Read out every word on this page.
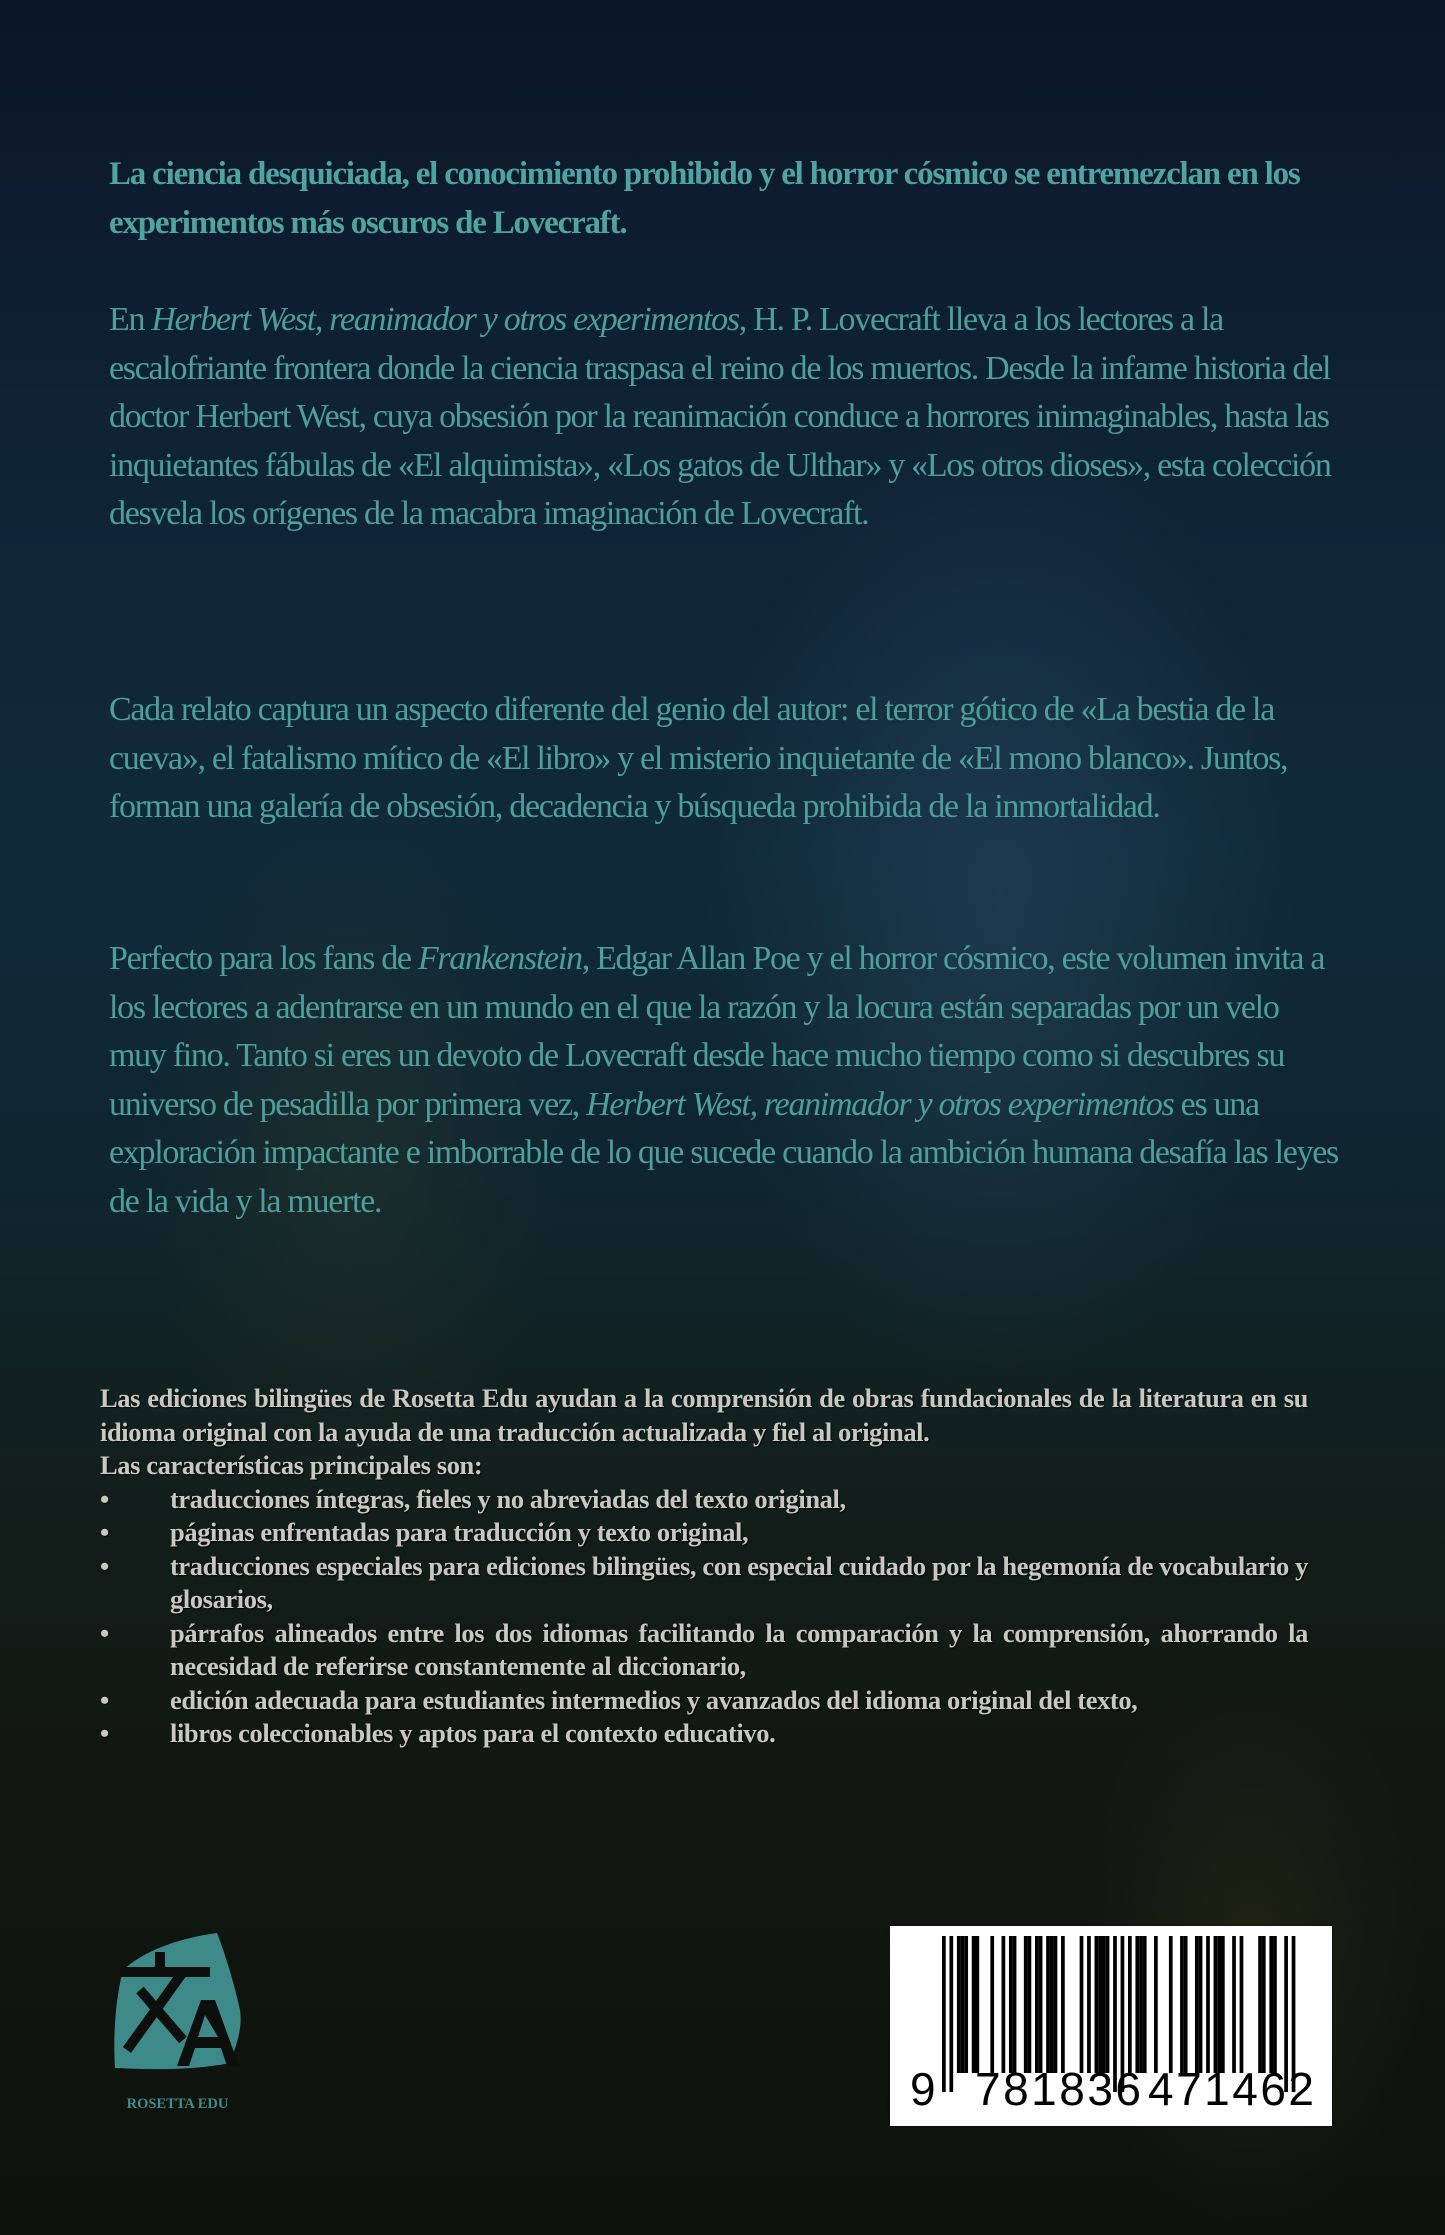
La ciencia desquiciada, el conocimiento prohibido y el horror cósmico se entremezclan en los experimentos más oscuros de Lovecraft.
En Herbert West, reanimador y otros experimentos, H. P. Lovecraft lleva a los lectores a la escalofriante frontera donde la ciencia traspasa el reino de los muertos. Desde la infame historia del doctor Herbert West, cuya obsesión por la reanimación conduce a horrores inimaginables, hasta las inquietantes fábulas de «El alquimista», «Los gatos de Ulthar» y «Los otros dioses», esta colección desvela los orígenes de la macabra imaginación de Lovecraft.
Cada relato captura un aspecto diferente del genio del autor: el terror gótico de «La bestia de la cueva», el fatalismo mítico de «El libro» y el misterio inquietante de «El mono blanco». Juntos, forman una galería de obsesión, decadencia y búsqueda prohibida de la inmortalidad.
Perfecto para los fans de Frankenstein, Edgar Allan Poe y el horror cósmico, este volumen invita a los lectores a adentrarse en un mundo en el que la razón y la locura están separadas por un velo muy fino. Tanto si eres un devoto de Lovecraft desde hace mucho tiempo como si descubres su universo de pesadilla por primera vez, Herbert West, reanimador y otros experimentos es una exploración impactante e imborrable de lo que sucede cuando la ambición humana desafía las leyes de la vida y la muerte.

Las ediciones bilingües de Rosetta Edu ayudan a la comprensión de obras fundacionales de la literatura en su idioma original con la ayuda de una traducción actualizada y fiel al original.

Las características principales son:

• traducciones íntegras, fieles y no abreviadas del texto original,
• páginas enfrentadas para traducción y texto original,
• traducciones especiales para ediciones bilingües, con especial cuidado por la hegemonía de vocabulario y glosarios,
• párrafos alineados entre los dos idiomas facilitando la comparación y la comprensión, ahorrando la necesidad de referirse constantemente al diccionario,
• edición adecuada para estudiantes intermedios y avanzados del idioma original del texto,
• libros coleccionables y aptos para el contexto educativo.
ROSETTA EDU	9 781836 471462
